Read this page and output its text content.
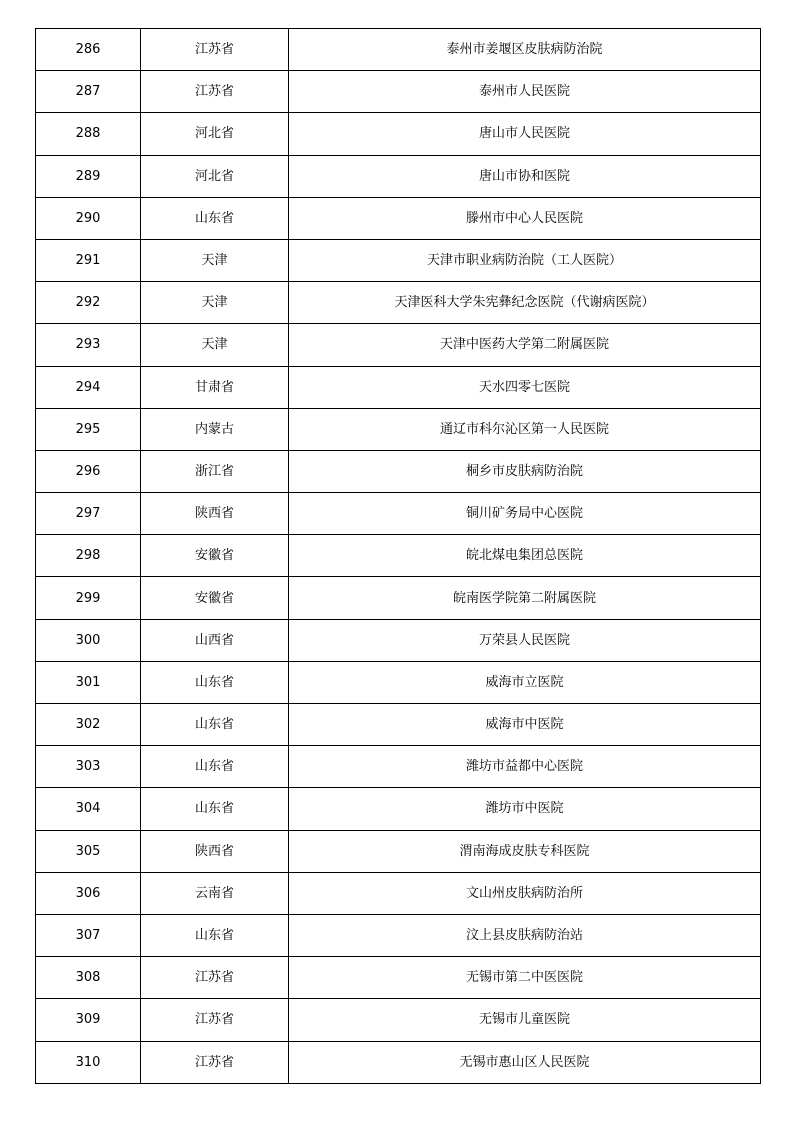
286	江苏省	泰州市姜堰区皮肤病防治院
287	江苏省	泰州市人民医院
288	河北省	唐山市人民医院
289	河北省	唐山市协和医院
290	山东省	滕州市中心人民医院
291	天津	天津市职业病防治院（工人医院）
292	天津	天津医科大学朱宪彝纪念医院（代谢病医院）
293	天津	天津中医药大学第二附属医院
294	甘肃省	天水四零七医院
295	内蒙古	通辽市科尔沁区第一人民医院
296	浙江省	桐乡市皮肤病防治院
297	陕西省	铜川矿务局中心医院
298	安徽省	皖北煤电集团总医院
299	安徽省	皖南医学院第二附属医院
300	山西省	万荣县人民医院
301	山东省	威海市立医院
302	山东省	威海市中医院
303	山东省	潍坊市益都中心医院
304	山东省	潍坊市中医院
305	陕西省	渭南海成皮肤专科医院
306	云南省	文山州皮肤病防治所
307	山东省	汶上县皮肤病防治站
308	江苏省	无锡市第二中医医院
309	江苏省	无锡市儿童医院
310	江苏省	无锡市惠山区人民医院
